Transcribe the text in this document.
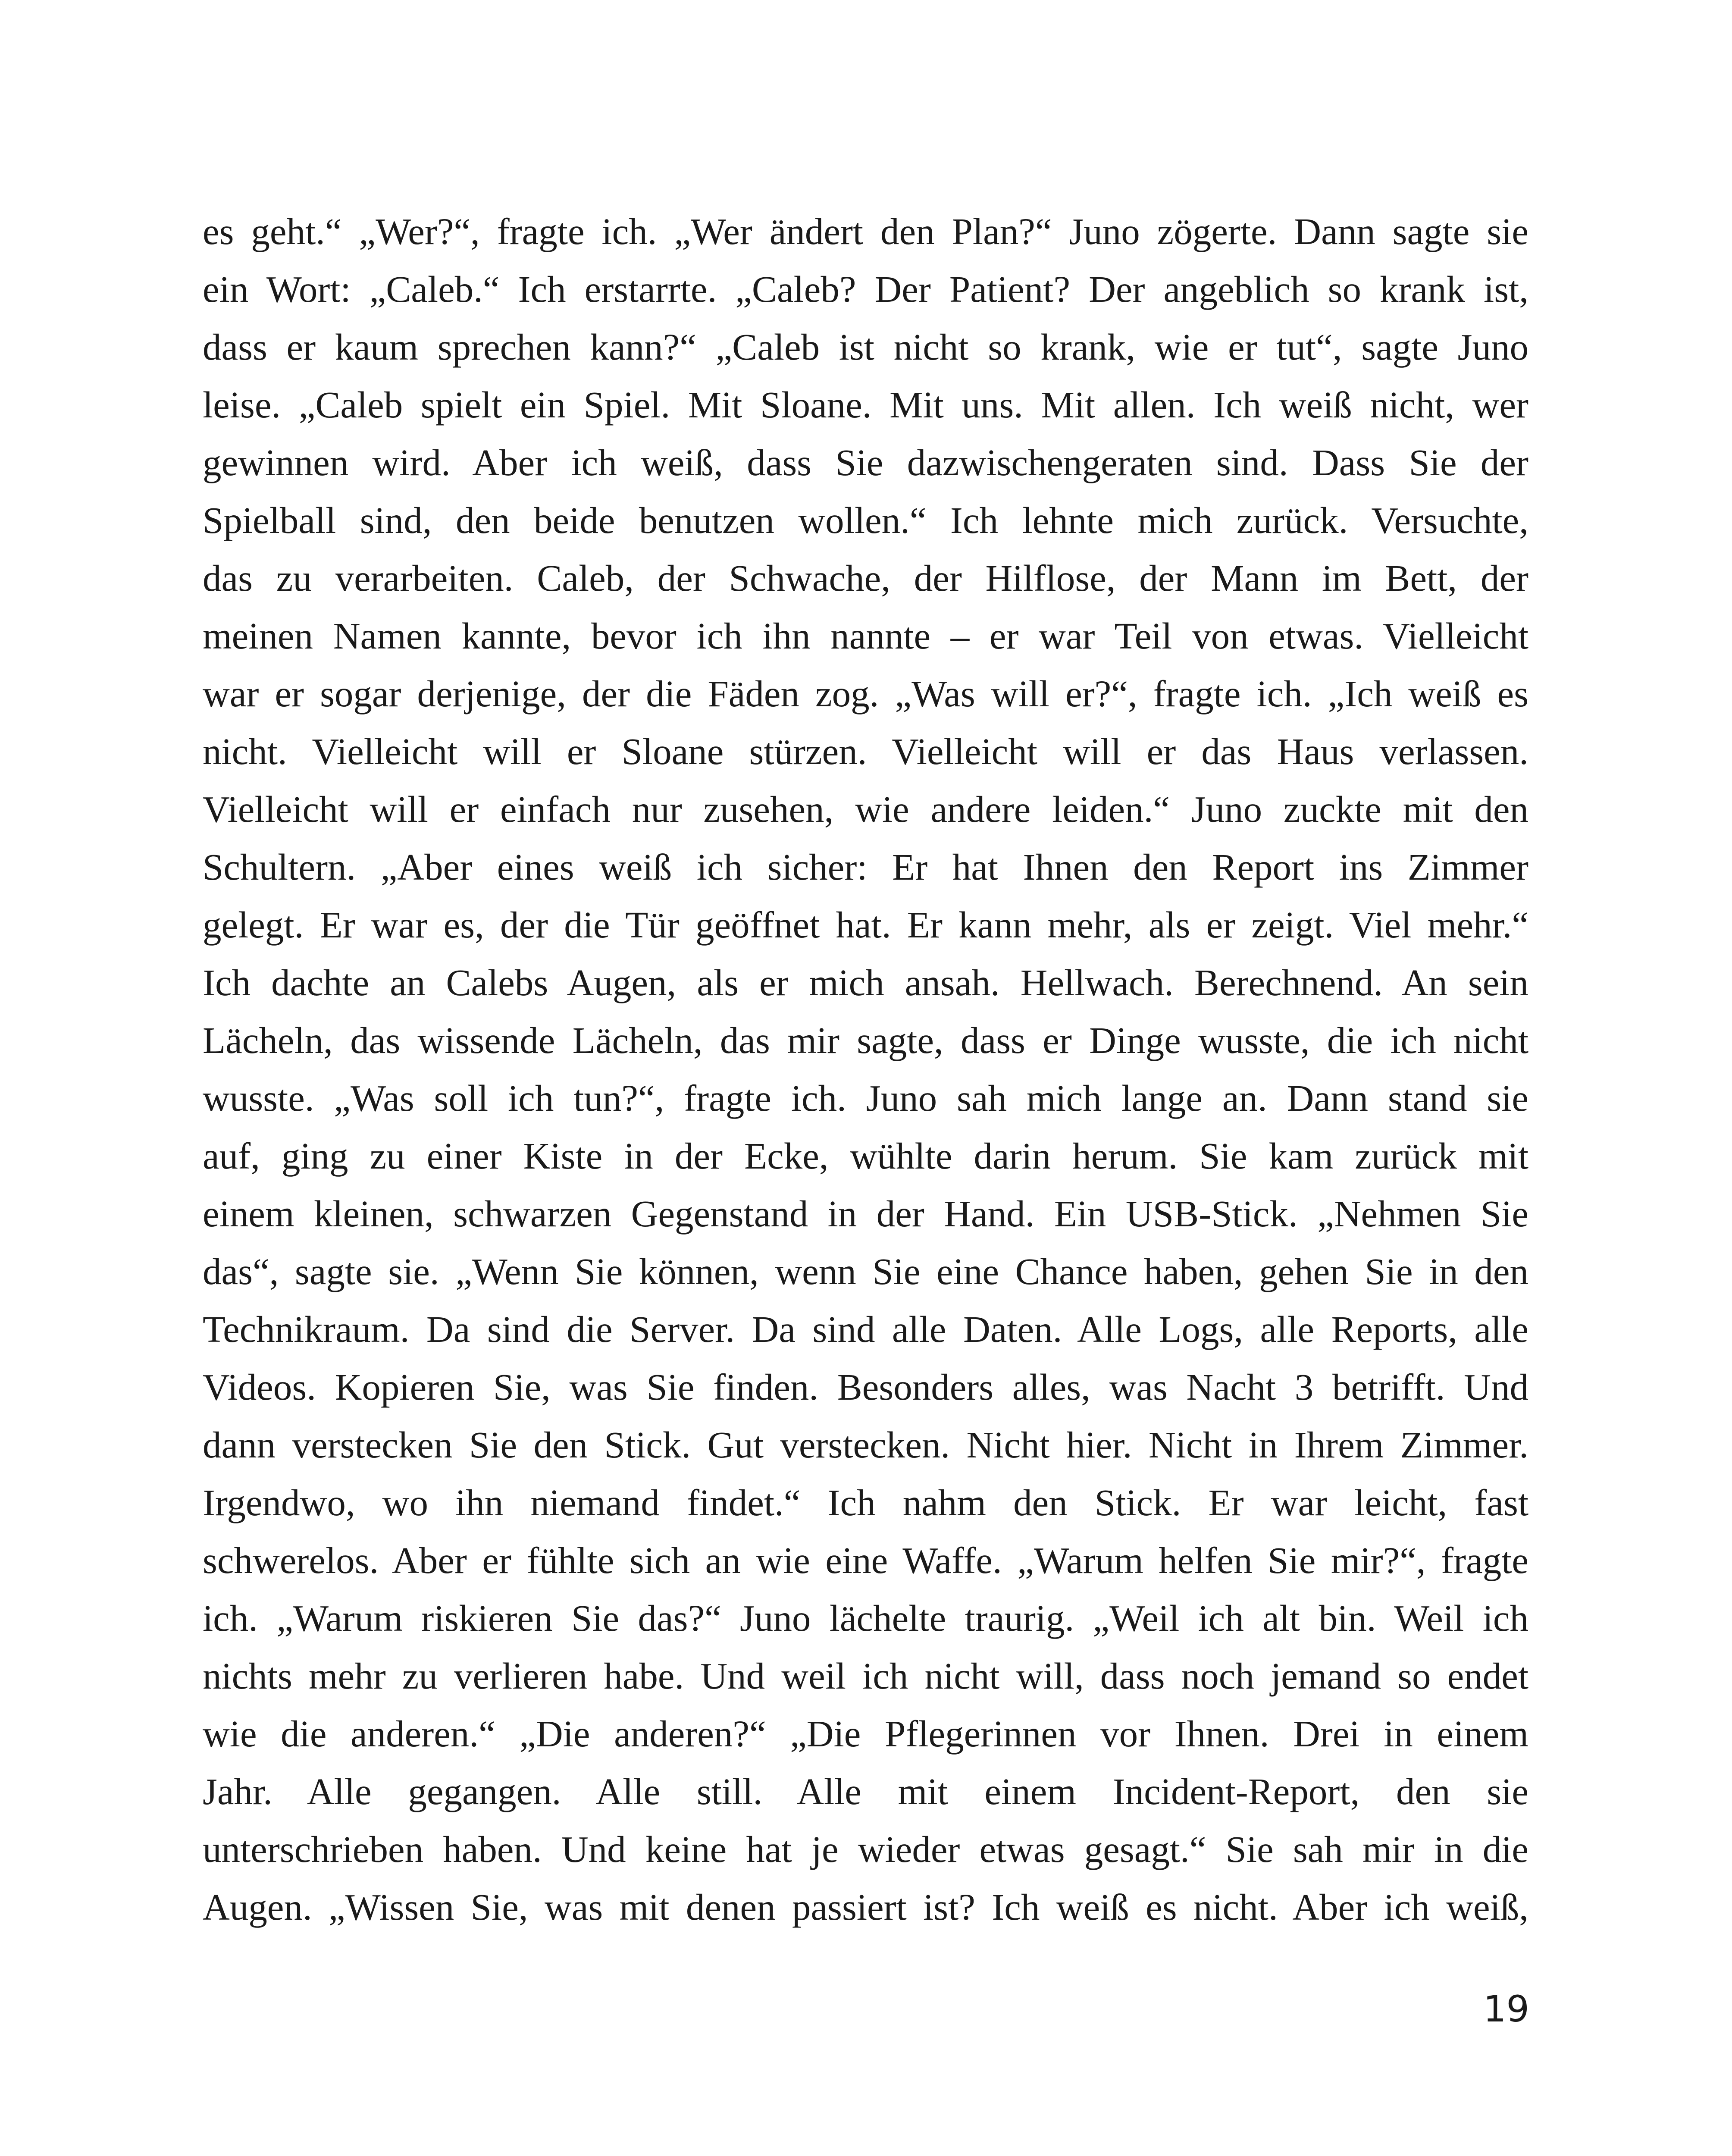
es geht.“ „Wer?“, fragte ich. „Wer ändert den Plan?“ Juno zögerte. Dann sagte sie
ein Wort: „Caleb.“ Ich erstarrte. „Caleb? Der Patient? Der angeblich so krank ist,
dass er kaum sprechen kann?“ „Caleb ist nicht so krank, wie er tut“, sagte Juno
leise. „Caleb spielt ein Spiel. Mit Sloane. Mit uns. Mit allen. Ich weiß nicht, wer
gewinnen wird. Aber ich weiß, dass Sie dazwischengeraten sind. Dass Sie der
Spielball sind, den beide benutzen wollen.“ Ich lehnte mich zurück. Versuchte,
das zu verarbeiten. Caleb, der Schwache, der Hilflose, der Mann im Bett, der
meinen Namen kannte, bevor ich ihn nannte – er war Teil von etwas. Vielleicht
war er sogar derjenige, der die Fäden zog. „Was will er?“, fragte ich. „Ich weiß es
nicht. Vielleicht will er Sloane stürzen. Vielleicht will er das Haus verlassen.
Vielleicht will er einfach nur zusehen, wie andere leiden.“ Juno zuckte mit den
Schultern. „Aber eines weiß ich sicher: Er hat Ihnen den Report ins Zimmer
gelegt. Er war es, der die Tür geöffnet hat. Er kann mehr, als er zeigt. Viel mehr.“
Ich dachte an Calebs Augen, als er mich ansah. Hellwach. Berechnend. An sein
Lächeln, das wissende Lächeln, das mir sagte, dass er Dinge wusste, die ich nicht
wusste. „Was soll ich tun?“, fragte ich. Juno sah mich lange an. Dann stand sie
auf, ging zu einer Kiste in der Ecke, wühlte darin herum. Sie kam zurück mit
einem kleinen, schwarzen Gegenstand in der Hand. Ein USB-Stick. „Nehmen Sie
das“, sagte sie. „Wenn Sie können, wenn Sie eine Chance haben, gehen Sie in den
Technikraum. Da sind die Server. Da sind alle Daten. Alle Logs, alle Reports, alle
Videos. Kopieren Sie, was Sie finden. Besonders alles, was Nacht 3 betrifft. Und
dann verstecken Sie den Stick. Gut verstecken. Nicht hier. Nicht in Ihrem Zimmer.
Irgendwo, wo ihn niemand findet.“ Ich nahm den Stick. Er war leicht, fast
schwerelos. Aber er fühlte sich an wie eine Waffe. „Warum helfen Sie mir?“, fragte
ich. „Warum riskieren Sie das?“ Juno lächelte traurig. „Weil ich alt bin. Weil ich
nichts mehr zu verlieren habe. Und weil ich nicht will, dass noch jemand so endet
wie die anderen.“ „Die anderen?“ „Die Pflegerinnen vor Ihnen. Drei in einem
Jahr. Alle gegangen. Alle still. Alle mit einem Incident-Report, den sie
unterschrieben haben. Und keine hat je wieder etwas gesagt.“ Sie sah mir in die
Augen. „Wissen Sie, was mit denen passiert ist? Ich weiß es nicht. Aber ich weiß,
19
